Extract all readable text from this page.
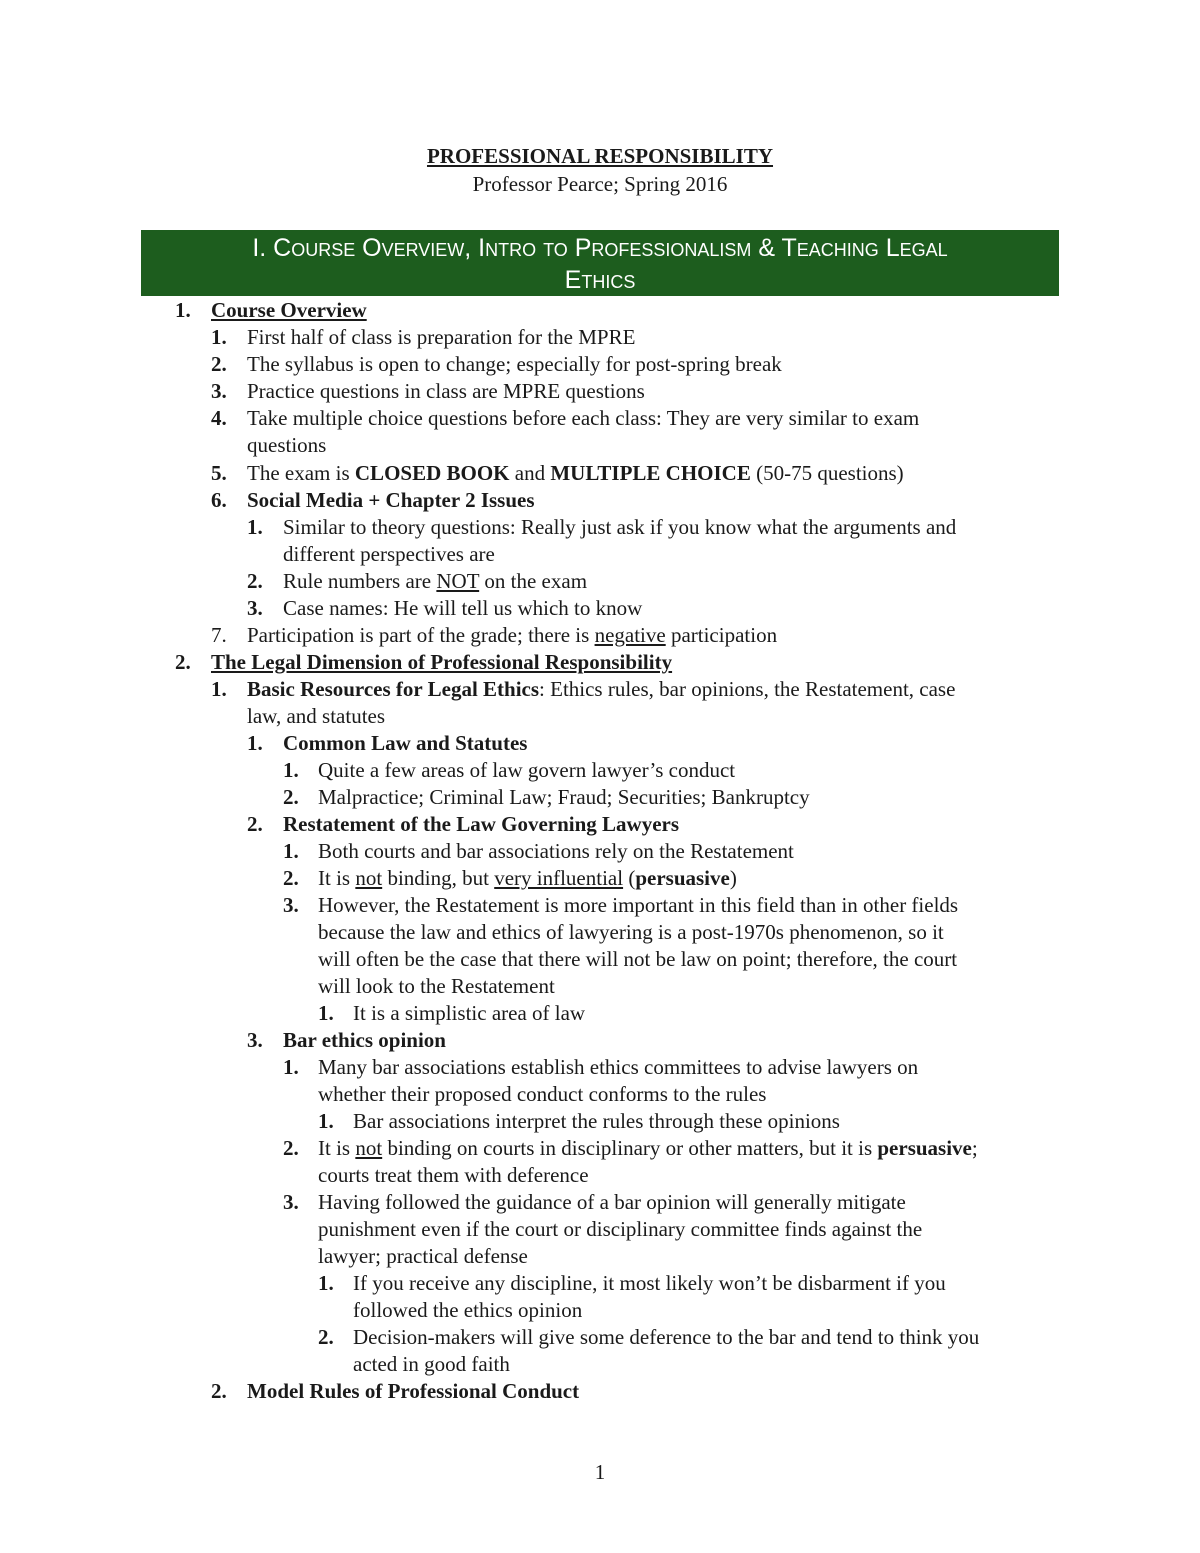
PROFESSIONAL RESPONSIBILITY
Professor Pearce; Spring 2016
I. Course Overview, Intro to Professionalism & Teaching Legal
Ethics
1. Course Overview
1. First half of class is preparation for the MPRE
2. The syllabus is open to change; especially for post-spring break
3. Practice questions in class are MPRE questions
4. Take multiple choice questions before each class: They are very similar to exam
questions
5. The exam is CLOSED BOOK and MULTIPLE CHOICE (50-75 questions)
6. Social Media + Chapter 2 Issues
1. Similar to theory questions: Really just ask if you know what the arguments and
different perspectives are
2. Rule numbers are NOT on the exam
3. Case names: He will tell us which to know
7. Participation is part of the grade; there is negative participation
2. The Legal Dimension of Professional Responsibility
1. Basic Resources for Legal Ethics: Ethics rules, bar opinions, the Restatement, case
law, and statutes
1. Common Law and Statutes
1. Quite a few areas of law govern lawyer’s conduct
2. Malpractice; Criminal Law; Fraud; Securities; Bankruptcy
2. Restatement of the Law Governing Lawyers
1. Both courts and bar associations rely on the Restatement
2. It is not binding, but very influential (persuasive)
3. However, the Restatement is more important in this field than in other fields
because the law and ethics of lawyering is a post-1970s phenomenon, so it
will often be the case that there will not be law on point; therefore, the court
will look to the Restatement
1. It is a simplistic area of law
3. Bar ethics opinion
1. Many bar associations establish ethics committees to advise lawyers on
whether their proposed conduct conforms to the rules
1. Bar associations interpret the rules through these opinions
2. It is not binding on courts in disciplinary or other matters, but it is persuasive;
courts treat them with deference
3. Having followed the guidance of a bar opinion will generally mitigate
punishment even if the court or disciplinary committee finds against the
lawyer; practical defense
1. If you receive any discipline, it most likely won’t be disbarment if you
followed the ethics opinion
2. Decision-makers will give some deference to the bar and tend to think you
acted in good faith
2. Model Rules of Professional Conduct
1
